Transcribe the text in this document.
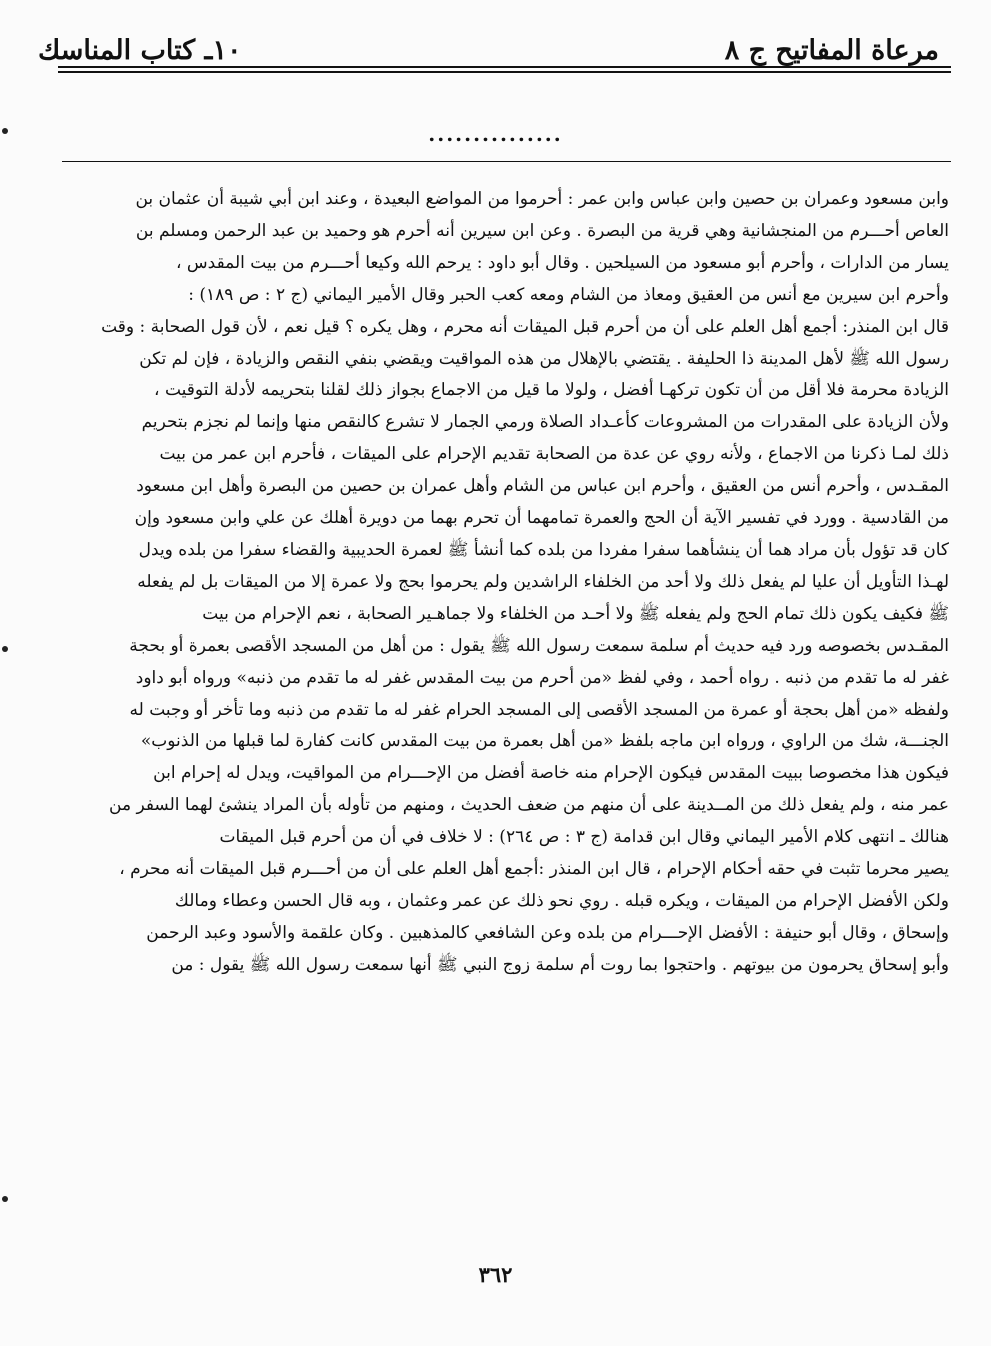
مرعاة المفاتيح ج ٨
١٠ـ كتاب المناسك
...............

وابن مسعود وعمران بن حصين وابن عباس وابن عمر : أحرموا من المواضع البعيدة ، وعند ابن أبي شيبة أن عثمان بن

العاص أحـــرم من المنجشانية وهي قرية من البصرة . وعن ابن سيرين أنه أحرم هو وحميد بن عبد الرحمن ومسلم بن

يسار من الدارات ، وأحرم أبو مسعود من السيلحين . وقال أبو داود : يرحم الله وكيعا أحـــرم من بيت المقدس ،

وأحرم ابن سيرين مع أنس من العقيق ومعاذ من الشام ومعه كعب الحبر وقال الأمير اليماني (ج ٢ : ص ١٨٩) :

قال ابن المنذر: أجمع أهل العلم على أن من أحرم قبل الميقات أنه محرم ، وهل يكره ؟ قيل نعم ، لأن قول الصحابة : وقت

رسول الله ﷺ لأهل المدينة ذا الحليفة . يقتضي بالإهلال من هذه المواقيت ويقضي بنفي النقص والزيادة ، فإن لم تكن

الزيادة محرمة فلا أقل من أن تكون تركهـا أفضل ، ولولا ما قيل من الاجماع بجواز ذلك لقلنا بتحريمه لأدلة التوقيت ،

ولأن الزيادة على المقدرات من المشروعات كأعـداد الصلاة ورمي الجمار لا تشرع كالنقص منها وإنما لم نجزم بتحريم

ذلك لمـا ذكرنا من الاجماع ، ولأنه روي عن عدة من الصحابة تقديم الإحرام على الميقات ، فأحرم ابن عمر من بيت

المقـدس ، وأحرم أنس من العقيق ، وأحرم ابن عباس من الشام وأهل عمران بن حصين من البصرة وأهل ابن مسعود

من القادسية . وورد في تفسير الآية أن الحج والعمرة تمامهما أن تحرم بهما من دويرة أهلك عن علي وابن مسعود وإن

كان قد تؤول بأن مراد هما أن ينشأهما سفرا مفردا من بلده كما أنشأ ﷺ لعمرة الحديبية والقضاء سفرا من بلده ويدل

لهـذا التأويل أن عليا لم يفعل ذلك ولا أحد من الخلفاء الراشدين ولم يحرموا بحج ولا عمرة إلا من الميقات بل لم يفعله

ﷺ فكيف يكون ذلك تمام الحج ولم يفعله ﷺ ولا أحـد من الخلفاء ولا جماهـير الصحابة ، نعم الإحرام من بيت

المقـدس بخصوصه ورد فيه حديث أم سلمة سمعت رسول الله ﷺ يقول : من أهل من المسجد الأقصى بعمرة أو بحجة

غفر له ما تقدم من ذنبه . رواه أحمد ، وفي لفظ «من أحرم من بيت المقدس غفر له ما تقدم من ذنبه» ورواه أبو داود

ولفظه «من أهل بحجة أو عمرة من المسجد الأقصى إلى المسجد الحرام غفر له ما تقدم من ذنبه وما تأخر أو وجبت له

الجنـــة، شك من الراوي ، ورواه ابن ماجه بلفظ «من أهل بعمرة من بيت المقدس كانت كفارة لما قبلها من الذنوب»

فيكون هذا مخصوصا ببيت المقدس فيكون الإحرام منه خاصة أفضل من الإحـــرام من المواقيت، ويدل له إحرام ابن

عمر منه ، ولم يفعل ذلك من المــدينة على أن منهم من ضعف الحديث ، ومنهم من تأوله بأن المراد ينشئ لهما السفر من

هنالك ـ انتهى كلام الأمير اليماني وقال ابن قدامة (ج ٣ : ص ٢٦٤) : لا خلاف في أن من أحرم قبل الميقات

يصير محرما تثبت في حقه أحكام الإحرام ، قال ابن المنذر :أجمع أهل العلم على أن من أحـــرم قبل الميقات أنه محرم ،

ولكن الأفضل الإحرام من الميقات ، ويكره قبله . روي نحو ذلك عن عمر وعثمان ، وبه قال الحسن وعطاء ومالك

وإسحاق ، وقال أبو حنيفة : الأفضل الإحـــرام من بلده وعن الشافعي كالمذهبين . وكان علقمة والأسود وعبد الرحمن

وأبو إسحاق يحرمون من بيوتهم . واحتجوا بما روت أم سلمة زوج النبي ﷺ أنها سمعت رسول الله ﷺ يقول : من

٣٦٢
